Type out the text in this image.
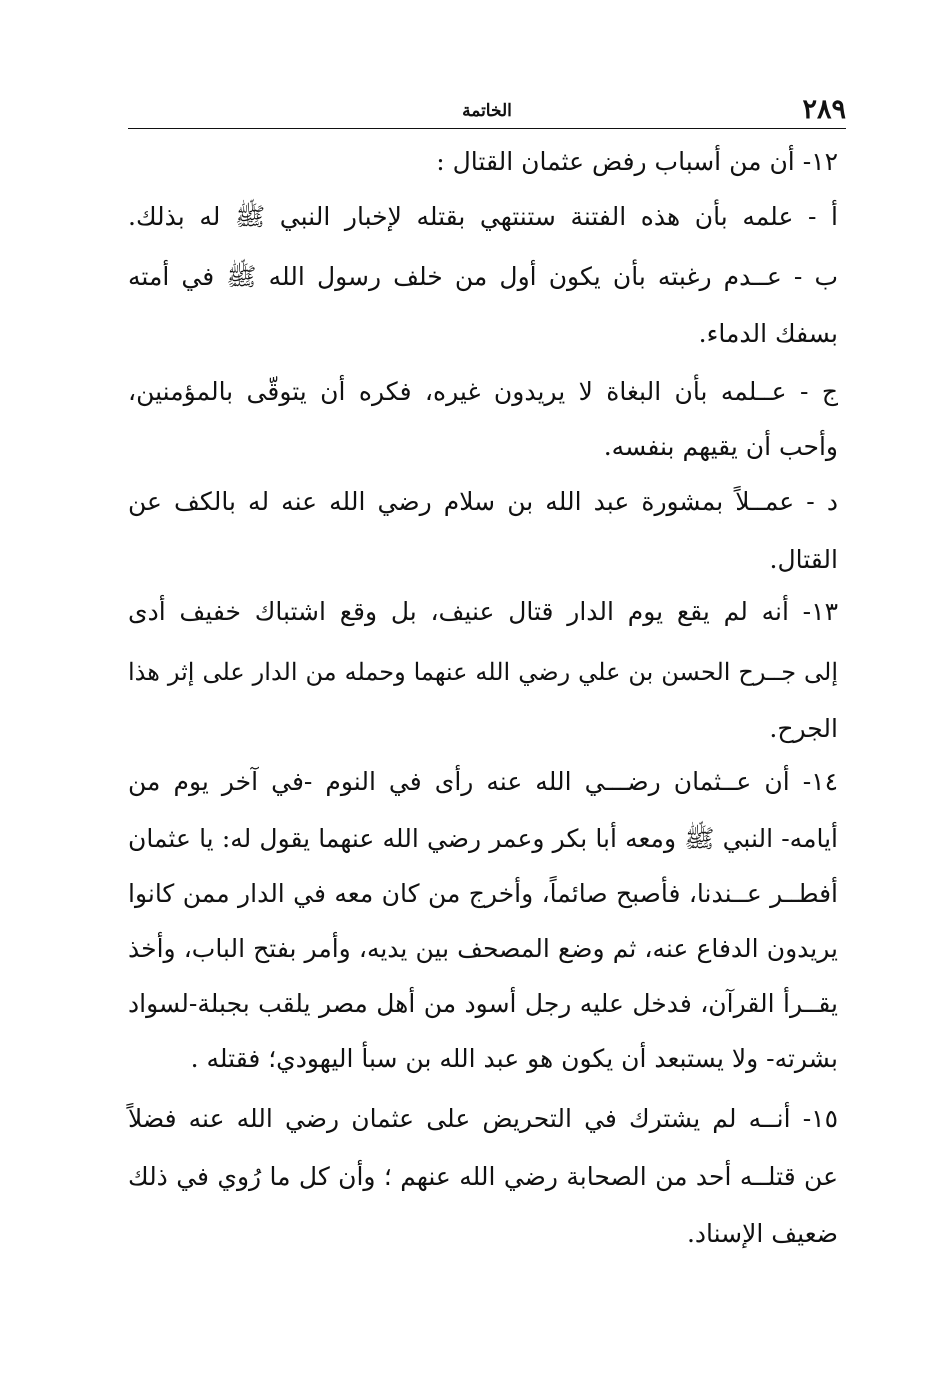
٢٨٩
الخاتمة
١٢- أن من أسباب رفض عثمان القتال :
أ - علمه بأن هذه الفتنة ستنتهي بقتله لإخبار النبي ﷺ له بذلك.
ب - عــدم رغبته بأن يكون أول من خلف رسول الله ﷺ في أمته
بسفك الدماء.
ج - عــلمه بأن البغاة لا يريدون غيره، فكره أن يتوقّى بالمؤمنين،
وأحب أن يقيهم بنفسه.
د - عمــلاً بمشورة عبد الله بن سلام رضي الله عنه له بالكف عن
القتال.
١٣- أنه لم يقع يوم الدار قتال عنيف، بل وقع اشتباك خفيف أدى
إلى جــرح الحسن بن علي رضي الله عنهما وحمله من الدار على إثر هذا
الجرح.
١٤- أن عــثمان رضـــي الله عنه رأى في النوم -في آخر يوم من
أيامه- النبي ﷺ ومعه أبا بكر وعمر رضي الله عنهما يقول له: يا عثمان
أفطــر عــندنا، فأصبح صائماً، وأخرج من كان معه في الدار ممن كانوا
يريدون الدفاع عنه، ثم وضع المصحف بين يديه، وأمر بفتح الباب، وأخذ
يقــرأ القرآن، فدخل عليه رجل أسود من أهل مصر يلقب بجبلة-لسواد
بشرته- ولا يستبعد أن يكون هو عبد الله بن سبأ اليهودي؛ فقتله .
١٥- أنــه لم يشترك في التحريض على عثمان رضي الله عنه فضلاً
عن قتلــه أحد من الصحابة رضي الله عنهم ؛ وأن كل ما رُوي في ذلك
ضعيف الإسناد.
